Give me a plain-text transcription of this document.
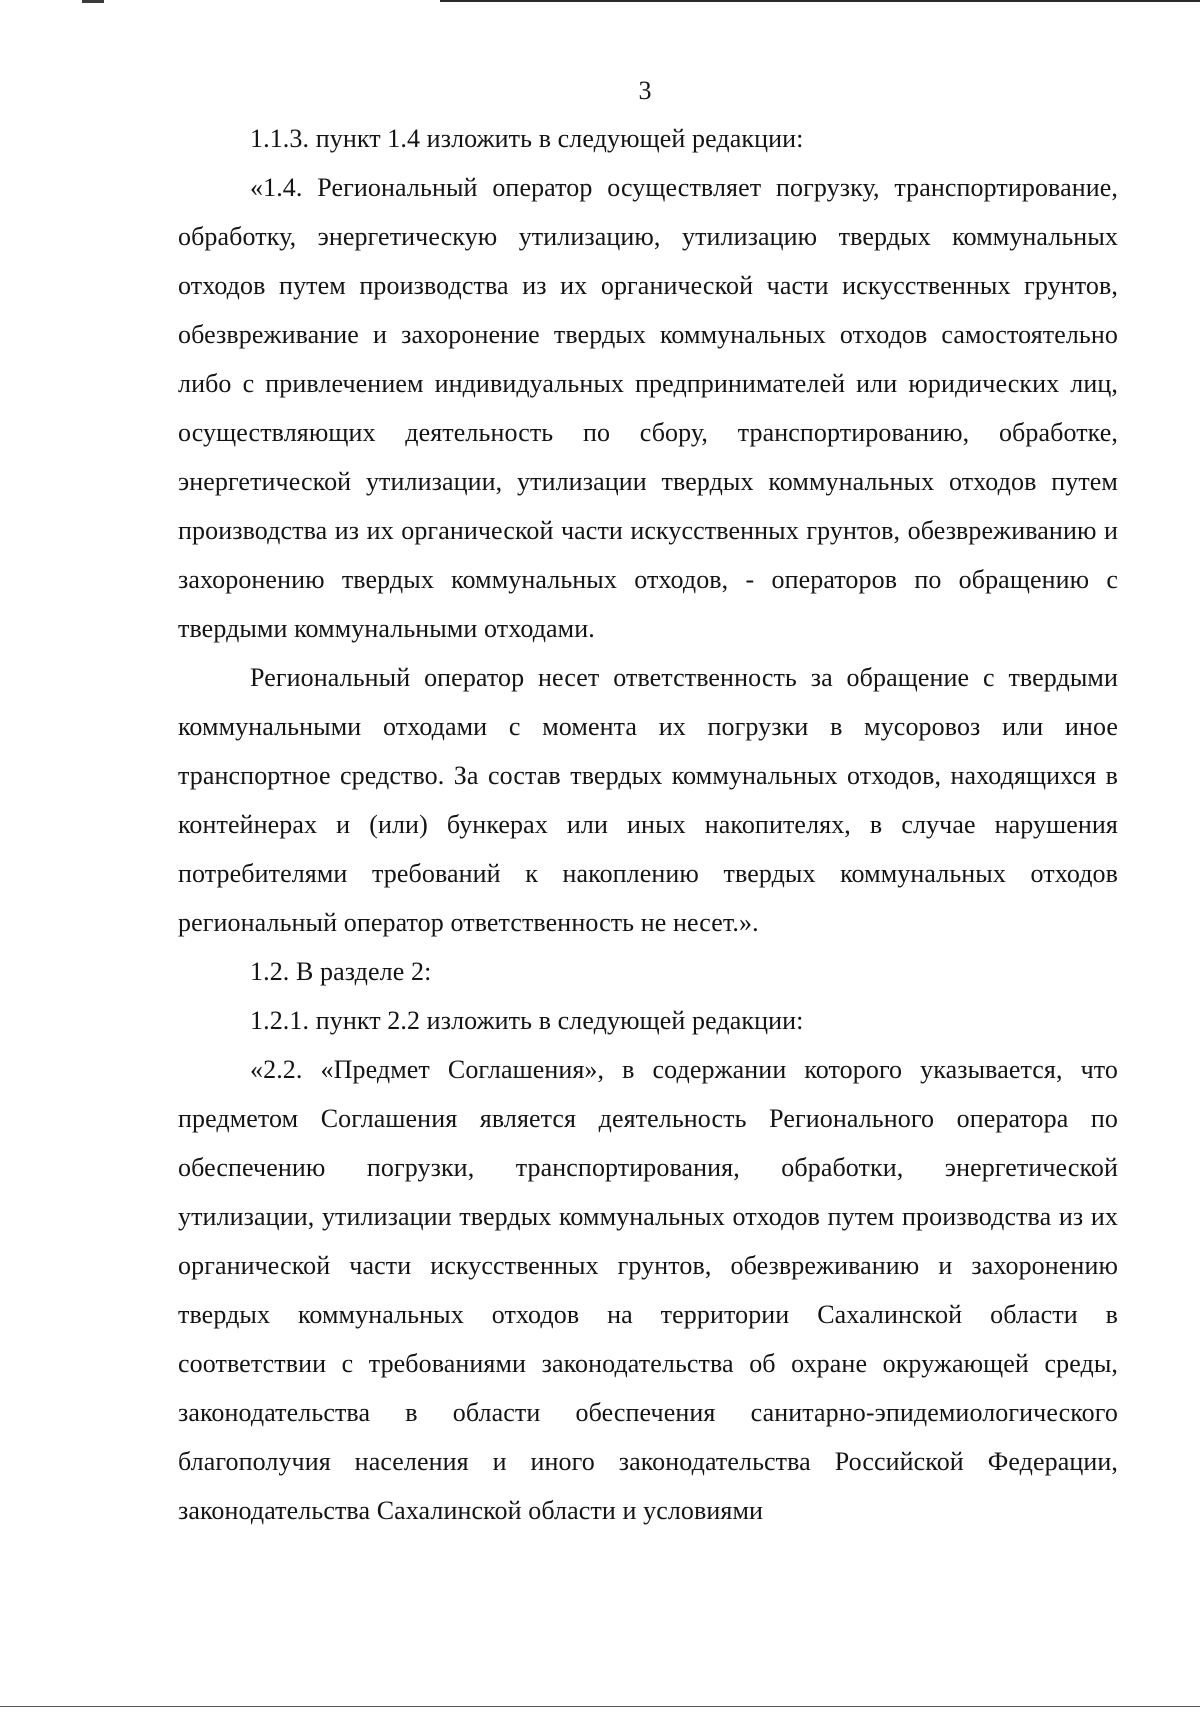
3

1.1.3. пункт 1.4 изложить в следующей редакции:

«1.4. Региональный оператор осуществляет погрузку, транспортирование, обработку, энергетическую утилизацию, утилизацию твердых коммунальных отходов путем производства из их органической части искусственных грунтов, обезвреживание и захоронение твердых коммунальных отходов самостоятельно либо с привлечением индивидуальных предпринимателей или юридических лиц, осуществляющих деятельность по сбору, транспортированию, обработке, энергетической утилизации, утилизации твердых коммунальных отходов путем производства из их органической части искусственных грунтов, обезвреживанию и захоронению твердых коммунальных отходов, - операторов по обращению с твердыми коммунальными отходами.

Региональный оператор несет ответственность за обращение с твердыми коммунальными отходами с момента их погрузки в мусоровоз или иное транспортное средство. За состав твердых коммунальных отходов, находящихся в контейнерах и (или) бункерах или иных накопителях, в случае нарушения потребителями требований к накоплению твердых коммунальных отходов региональный оператор ответственность не несет.».

1.2. В разделе 2:

1.2.1. пункт 2.2 изложить в следующей редакции:

«2.2. «Предмет Соглашения», в содержании которого указывается, что предметом Соглашения является деятельность Регионального оператора по обеспечению погрузки, транспортирования, обработки, энергетической утилизации, утилизации твердых коммунальных отходов путем производства из их органической части искусственных грунтов, обезвреживанию и захоронению твердых коммунальных отходов на территории Сахалинской области в соответствии с требованиями законодательства об охране окружающей среды, законодательства в области обеспечения санитарно-эпидемиологического благополучия населения и иного законодательства Российской Федерации, законодательства Сахалинской области и условиями
